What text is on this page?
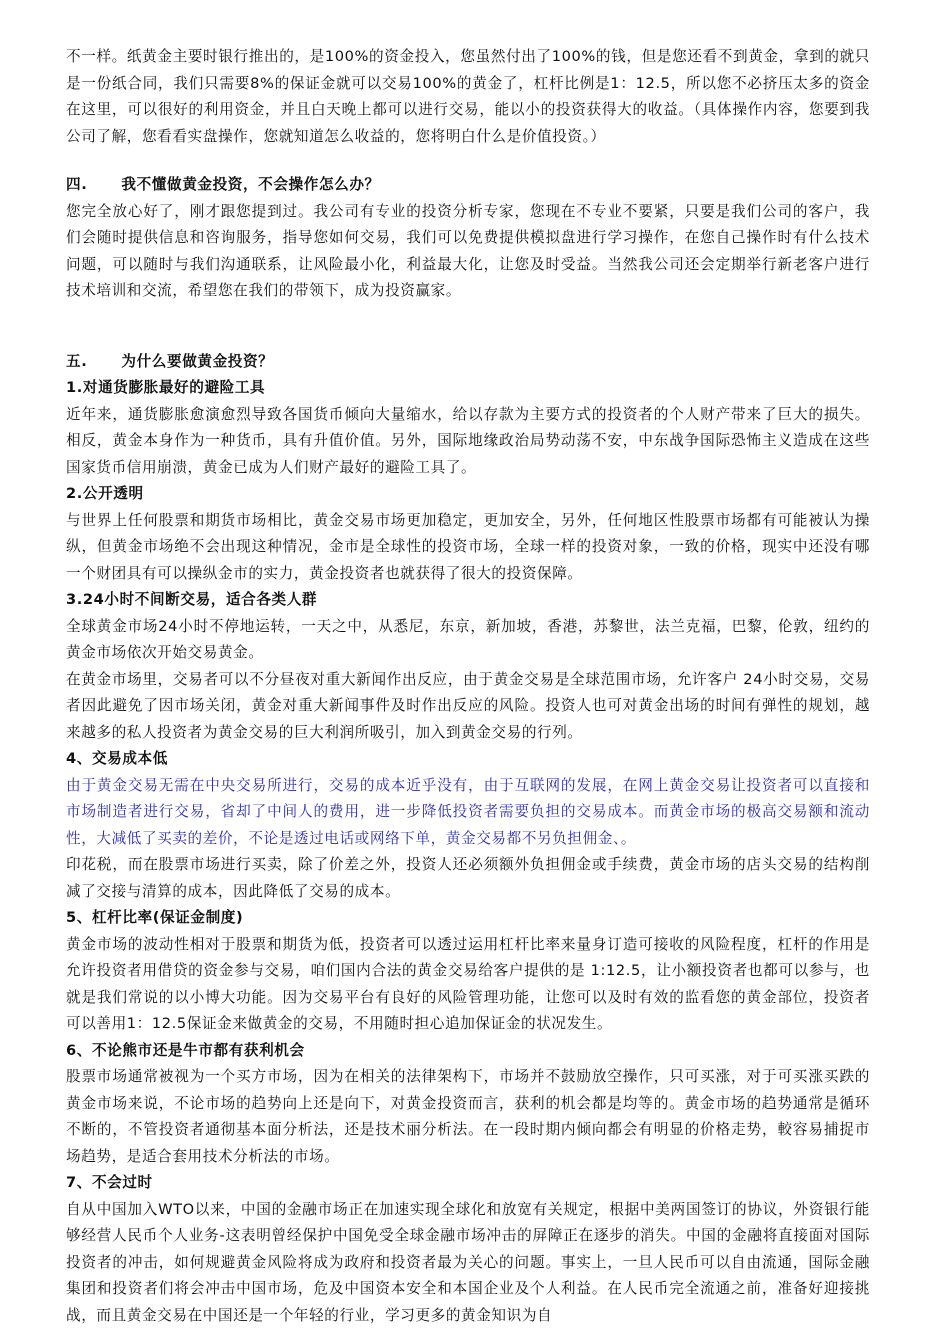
不一样。纸黄金主要时银行推出的，是100%的资金投入，您虽然付出了100%的钱，但是您还看不到黄金，拿到的就只是一份纸合同，我们只需要8%的保证金就可以交易100%的黄金了，杠杆比例是1：12.5，所以您不必挤压太多的资金在这里，可以很好的利用资金，并且白天晚上都可以进行交易，能以小的投资获得大的收益。（具体操作内容，您要到我公司了解，您看看实盘操作，您就知道怎么收益的，您将明白什么是价值投资。）

四.      我不懂做黄金投资，不会操作怎么办？

您完全放心好了，刚才跟您提到过。我公司有专业的投资分析专家，您现在不专业不要紧，只要是我们公司的客户，我们会随时提供信息和咨询服务，指导您如何交易，我们可以免费提供模拟盘进行学习操作，在您自己操作时有什么技术问题，可以随时与我们沟通联系，让风险最小化，利益最大化，让您及时受益。当然我公司还会定期举行新老客户进行技术培训和交流，希望您在我们的带领下，成为投资赢家。

五.      为什么要做黄金投资？
1.对通货膨胀最好的避险工具

近年来，通货膨胀愈演愈烈导致各国货币倾向大量缩水，给以存款为主要方式的投资者的个人财产带来了巨大的损失。相反，黄金本身作为一种货币，具有升值价值。另外，国际地缘政治局势动荡不安，中东战争国际恐怖主义造成在这些国家货币信用崩溃，黄金已成为人们财产最好的避险工具了。

2.公开透明

与世界上任何股票和期货市场相比，黄金交易市场更加稳定，更加安全，另外，任何地区性股票市场都有可能被认为操纵，但黄金市场绝不会出现这种情况，金市是全球性的投资市场，全球一样的投资对象，一致的价格，现实中还没有哪一个财团具有可以操纵金市的实力，黄金投资者也就获得了很大的投资保障。

3.24小时不间断交易，适合各类人群

全球黄金市场24小时不停地运转，一天之中，从悉尼，东京，新加坡，香港，苏黎世，法兰克福，巴黎，伦敦，纽约的黄金市场依次开始交易黄金。

在黄金市场里，交易者可以不分昼夜对重大新闻作出反应，由于黄金交易是全球范围市场，允许客户 24小时交易，交易者因此避免了因市场关闭，黄金对重大新闻事件及时作出反应的风险。投资人也可对黄金出场的时间有弹性的规划，越来越多的私人投资者为黄金交易的巨大利润所吸引，加入到黄金交易的行列。

4、交易成本低

由于黄金交易无需在中央交易所进行，交易的成本近乎没有，由于互联网的发展，在网上黄金交易让投资者可以直接和市场制造者进行交易，省却了中间人的费用，进一步降低投资者需要负担的交易成本。而黄金市场的极高交易额和流动性，大减低了买卖的差价，不论是透过电话或网络下单，黄金交易都不另负担佣金、。

印花税，而在股票市场进行买卖，除了价差之外，投资人还必须额外负担佣金或手续费，黄金市场的店头交易的结构削减了交接与清算的成本，因此降低了交易的成本。

5、杠杆比率(保证金制度)

黄金市场的波动性相对于股票和期货为低，投资者可以透过运用杠杆比率来量身订造可接收的风险程度，杠杆的作用是允许投资者用借贷的资金参与交易，咱们国内合法的黄金交易给客户提供的是 1:12.5，让小额投资者也都可以参与，也就是我们常说的以小博大功能。因为交易平台有良好的风险管理功能，让您可以及时有效的监看您的黄金部位，投资者可以善用1：12.5保证金来做黄金的交易，不用随时担心追加保证金的状况发生。

6、不论熊市还是牛市都有获利机会

股票市场通常被视为一个买方市场，因为在相关的法律架构下，市场并不鼓励放空操作，只可买涨，对于可买涨买跌的黄金市场来说，不论市场的趋势向上还是向下，对黄金投资而言，获利的机会都是均等的。黄金市场的趋势通常是循环不断的，不管投资者通彻基本面分析法，还是技术丽分析法。在一段时期内倾向都会有明显的价格走势，較容易捕捉市场趋势，是适合套用技术分析法的市场。

7、不会过时

自从中国加入WTO以来，中国的金融市场正在加速实现全球化和放宽有关规定，根据中美两国签订的协议，外资银行能够经营人民币个人业务-这表明曾经保护中国免受全球金融市场冲击的屏障正在逐步的消失。中国的金融将直接面对国际投资者的冲击，如何规避黄金风险将成为政府和投资者最为关心的问题。事实上，一旦人民币可以自由流通，国际金融集团和投资者们将会冲击中国市场，危及中国资本安全和本国企业及个人利益。在人民币完全流通之前，准备好迎接挑战，而且黄金交易在中国还是一个年轻的行业，学习更多的黄金知识为自
